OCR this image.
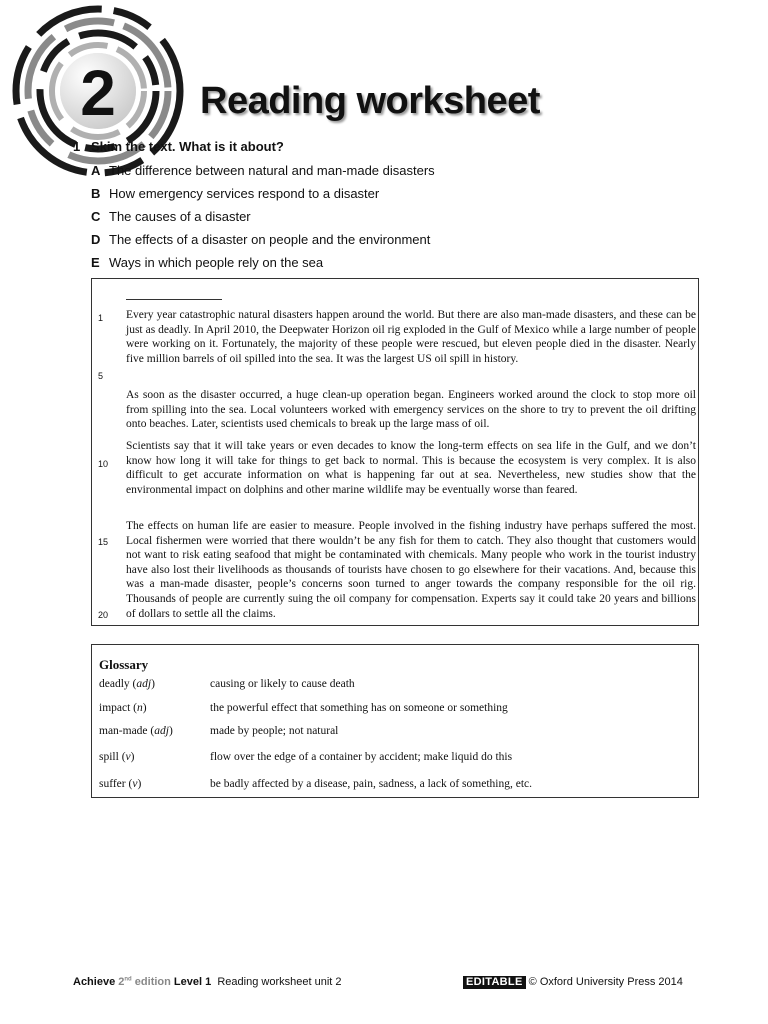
2 Reading worksheet
1 Skim the text. What is it about?
A The difference between natural and man-made disasters
B How emergency services respond to a disaster
C The causes of a disaster
D The effects of a disaster on people and the environment
E Ways in which people rely on the sea
1
5
10
15
20

Every year catastrophic natural disasters happen around the world. But there are also man-made disasters, and these can be just as deadly. In April 2010, the Deepwater Horizon oil rig exploded in the Gulf of Mexico while a large number of people were working on it. Fortunately, the majority of these people were rescued, but eleven people died in the disaster. Nearly five million barrels of oil spilled into the sea. It was the largest US oil spill in history.

As soon as the disaster occurred, a huge clean-up operation began. Engineers worked around the clock to stop more oil from spilling into the sea. Local volunteers worked with emergency services on the shore to try to prevent the oil drifting onto beaches. Later, scientists used chemicals to break up the large mass of oil.

Scientists say that it will take years or even decades to know the long-term effects on sea life in the Gulf, and we don’t know how long it will take for things to get back to normal. This is because the ecosystem is very complex. It is also difficult to get accurate information on what is happening far out at sea. Nevertheless, new studies show that the environmental impact on dolphins and other marine wildlife may be eventually worse than feared.

The effects on human life are easier to measure. People involved in the fishing industry have perhaps suffered the most. Local fishermen were worried that there wouldn’t be any fish for them to catch. They also thought that customers would not want to risk eating seafood that might be contaminated with chemicals. Many people who work in the tourist industry have also lost their livelihoods as thousands of tourists have chosen to go elsewhere for their vacations. And, because this was a man-made disaster, people’s concerns soon turned to anger towards the company responsible for the oil rig. Thousands of people are currently suing the oil company for compensation. Experts say it could take 20 years and billions of dollars to settle all the claims.

Glossary
deadly (adj)	causing or likely to cause death
impact (n)	the powerful effect that something has on someone or something
man-made (adj)	made by people; not natural
spill (v)	flow over the edge of a container by accident; make liquid do this
suffer (v)	be badly affected by a disease, pain, sadness, a lack of something, etc.
Achieve 2nd edition Level 1 Reading worksheet unit 2	EDITABLE © Oxford University Press 2014
